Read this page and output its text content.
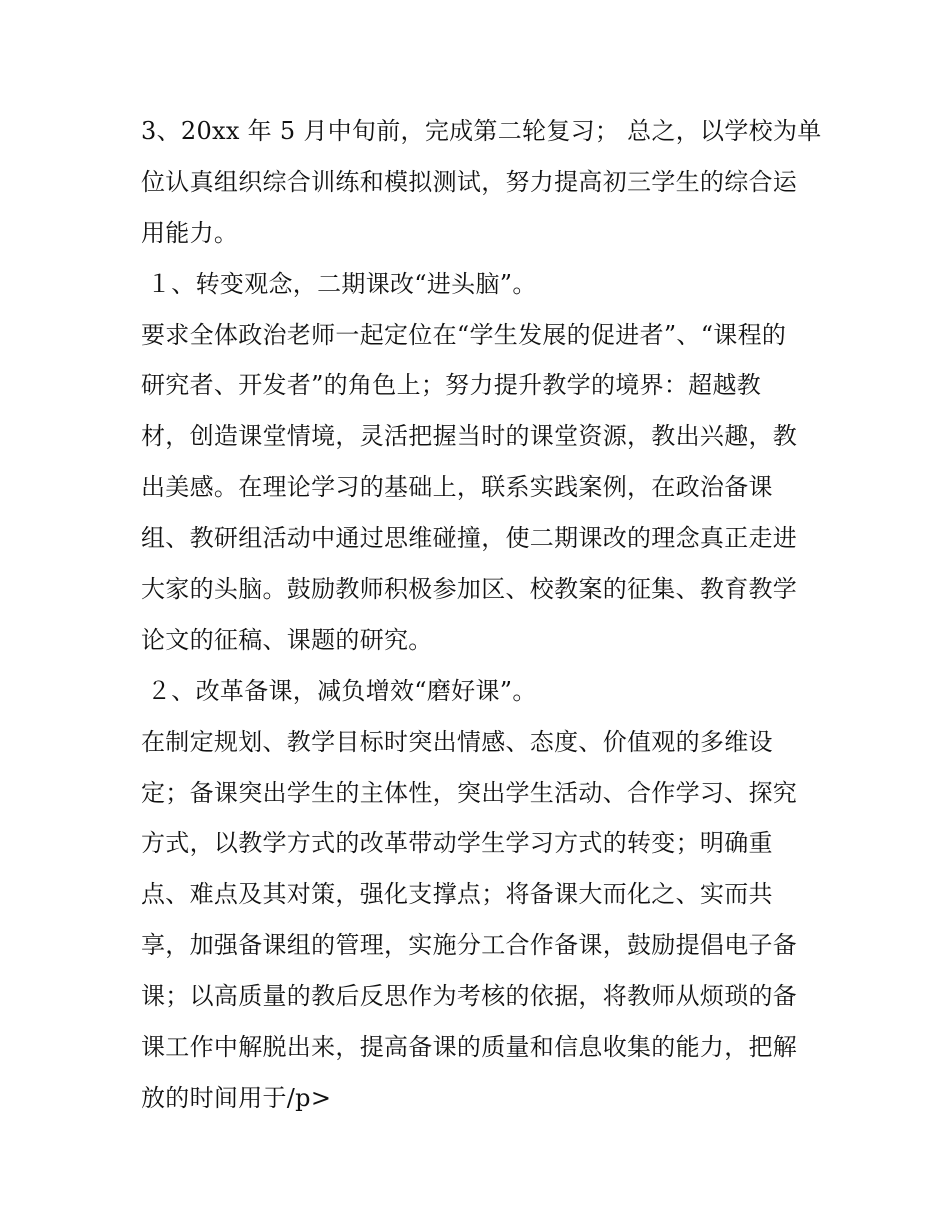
3、20xx 年 5 月中旬前，完成第二轮复习； 总之，以学校为单
位认真组织综合训练和模拟测试，努力提高初三学生的综合运
用能力。
１、转变观念，二期课改“进头脑”。
要求全体政治老师一起定位在“学生发展的促进者”、“课程的
研究者、开发者”的角色上；努力提升教学的境界：超越教
材，创造课堂情境，灵活把握当时的课堂资源，教出兴趣，教
出美感。在理论学习的基础上，联系实践案例，在政治备课
组、教研组活动中通过思维碰撞，使二期课改的理念真正走进
大家的头脑。鼓励教师积极参加区、校教案的征集、教育教学
论文的征稿、课题的研究。
２、改革备课，减负增效“磨好课”。
在制定规划、教学目标时突出情感、态度、价值观的多维设
定；备课突出学生的主体性，突出学生活动、合作学习、探究
方式，以教学方式的改革带动学生学习方式的转变；明确重
点、难点及其对策，强化支撑点；将备课大而化之、实而共
享，加强备课组的管理，实施分工合作备课，鼓励提倡电子备
课；以高质量的教后反思作为考核的依据，将教师从烦琐的备
课工作中解脱出来，提高备课的质量和信息收集的能力，把解
放的时间用于/p>
